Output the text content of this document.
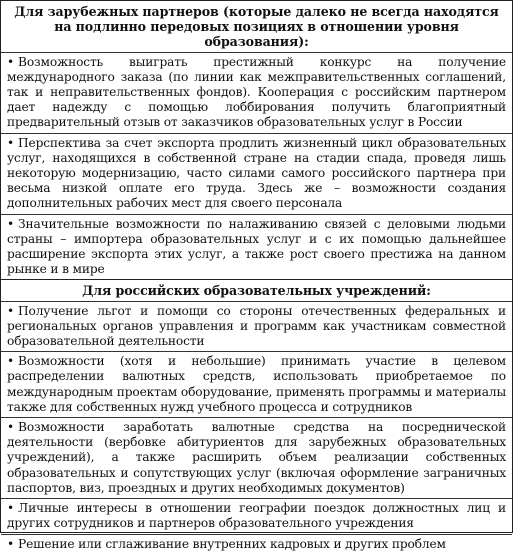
Для зарубежных партнеров (которые далеко не всегда находятся на подлинно передовых позициях в отношении уровня образования):
• Возможность выиграть престижный конкурс на получение международного заказа (по линии как межправительственных соглашений, так и неправительственных фондов). Кооперация с российским партнером дает надежду с помощью лоббирования получить благоприятный предварительный отзыв от заказчиков образовательных услуг в России
• Перспектива за счет экспорта продлить жизненный цикл образовательных услуг, находящихся в собственной стране на стадии спада, проведя лишь некоторую модернизацию, часто силами самого российского партнера при весьма низкой оплате его труда. Здесь же – возможности создания дополнительных рабочих мест для своего персонала
• Значительные возможности по налаживанию связей с деловыми людьми страны – импортера образовательных услуг и с их помощью дальнейшее расширение экспорта этих услуг, а также рост своего престижа на данном рынке и в мире
Для российских образовательных учреждений:
• Получение льгот и помощи со стороны отечественных федеральных и региональных органов управления и программ как участникам совместной образовательной деятельности
• Возможности (хотя и небольшие) принимать участие в целевом распределении валютных средств, использовать приобретаемое по международным проектам оборудование, применять программы и материалы также для собственных нужд учебного процесса и сотрудников
• Возможности заработать валютные средства на посреднической деятельности (вербовке абитуриентов для зарубежных образовательных учреждений), а также расширить объем реализации собственных образовательных и сопутствующих услуг (включая оформление заграничных паспортов, виз, проездных и других необходимых документов)
• Личные интересы в отношении географии поездок должностных лиц и других сотрудников и партнеров образовательного учреждения
• Решение или сглаживание внутренних кадровых и других проблем
